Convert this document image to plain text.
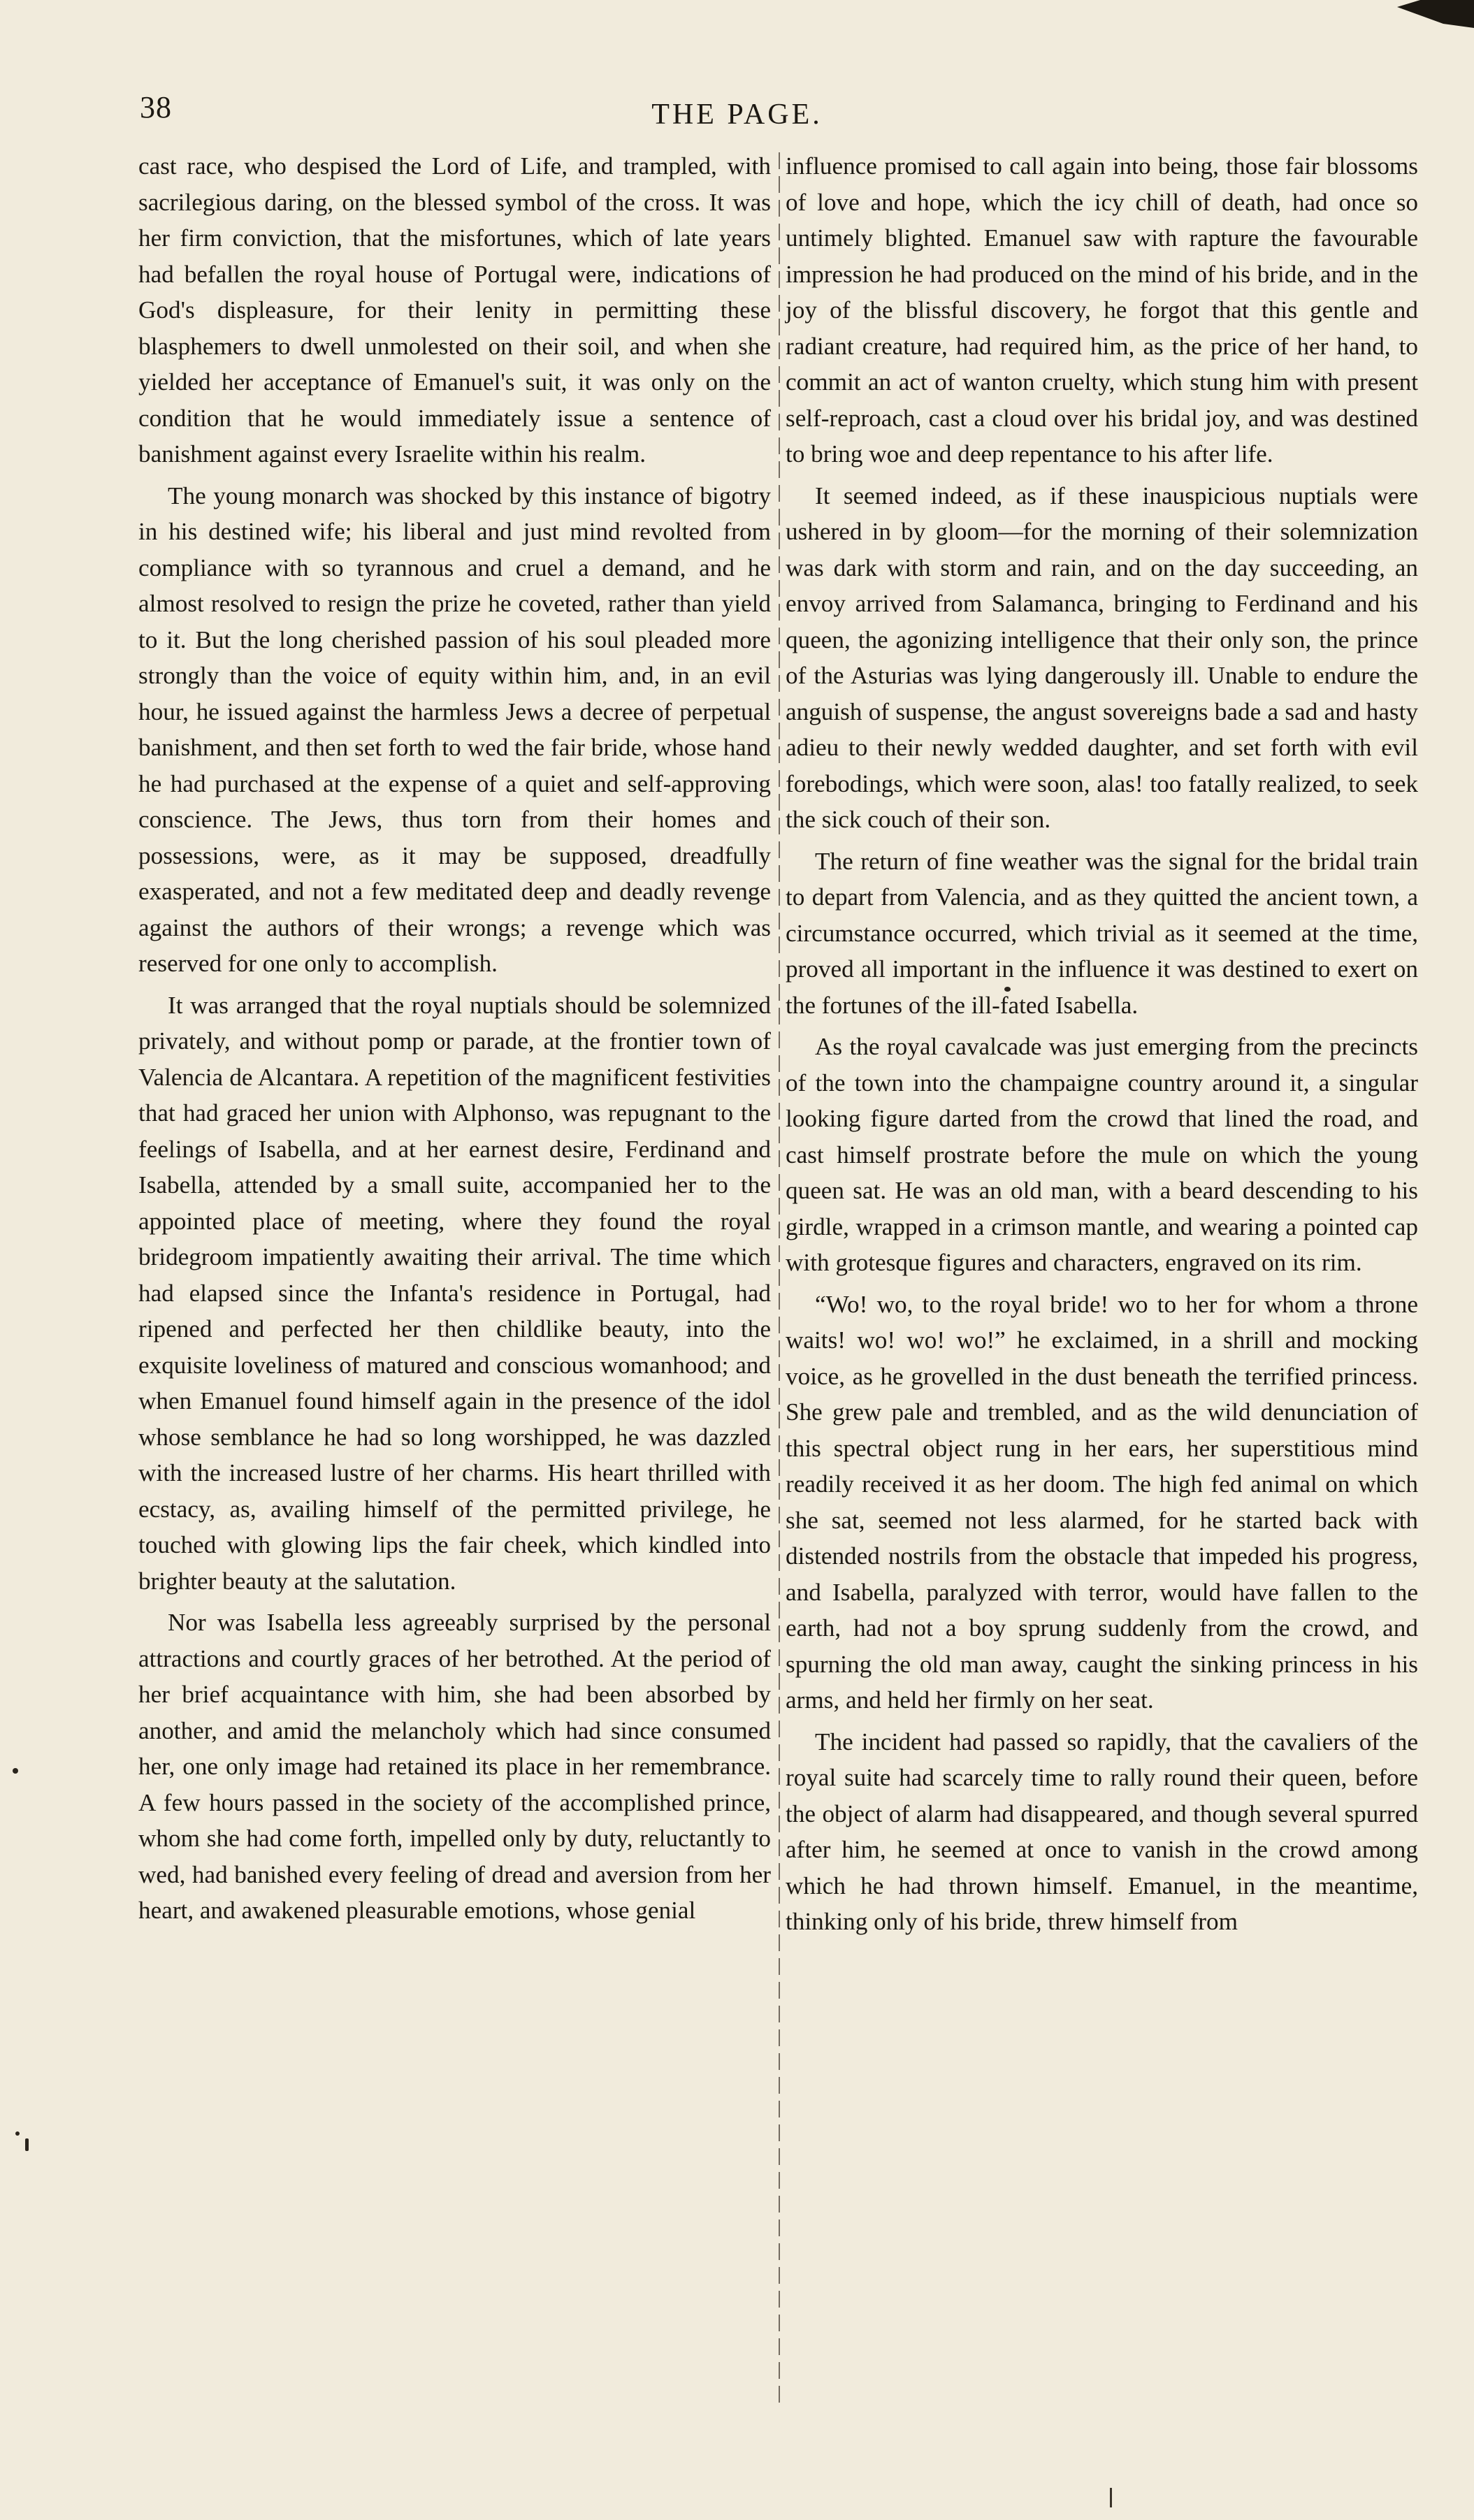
38	THE PAGE.

cast race, who despised the Lord of Life, and trampled, with sacrilegious daring, on the blessed symbol of the cross. It was her firm conviction, that the misfortunes, which of late years had befallen the royal house of Portugal were, indications of God's displeasure, for their lenity in permitting these blasphemers to dwell unmolested on their soil, and when she yielded her acceptance of Emanuel's suit, it was only on the condition that he would immediately issue a sentence of banishment against every Israelite within his realm.

The young monarch was shocked by this instance of bigotry in his destined wife; his liberal and just mind revolted from compliance with so tyrannous and cruel a demand, and he almost resolved to resign the prize he coveted, rather than yield to it. But the long cherished passion of his soul pleaded more strongly than the voice of equity within him, and, in an evil hour, he issued against the harmless Jews a decree of perpetual banishment, and then set forth to wed the fair bride, whose hand he had purchased at the expense of a quiet and self-approving conscience. The Jews, thus torn from their homes and possessions, were, as it may be supposed, dreadfully exasperated, and not a few meditated deep and deadly revenge against the authors of their wrongs; a revenge which was reserved for one only to accomplish.

It was arranged that the royal nuptials should be solemnized privately, and without pomp or parade, at the frontier town of Valencia de Alcantara. A repetition of the magnificent festivities that had graced her union with Alphonso, was repugnant to the feelings of Isabella, and at her earnest desire, Ferdinand and Isabella, attended by a small suite, accompanied her to the appointed place of meeting, where they found the royal bridegroom impatiently awaiting their arrival. The time which had elapsed since the Infanta's residence in Portugal, had ripened and perfected her then childlike beauty, into the exquisite loveliness of matured and conscious womanhood; and when Emanuel found himself again in the presence of the idol whose semblance he had so long worshipped, he was dazzled with the increased lustre of her charms. His heart thrilled with ecstacy, as, availing himself of the permitted privilege, he touched with glowing lips the fair cheek, which kindled into brighter beauty at the salutation.

Nor was Isabella less agreeably surprised by the personal attractions and courtly graces of her betrothed. At the period of her brief acquaintance with him, she had been absorbed by another, and amid the melancholy which had since consumed her, one only image had retained its place in her remembrance. A few hours passed in the society of the accomplished prince, whom she had come forth, impelled only by duty, reluctantly to wed, had banished every feeling of dread and aversion from her heart, and awakened pleasurable emotions, whose genial

influence promised to call again into being, those fair blossoms of love and hope, which the icy chill of death, had once so untimely blighted. Emanuel saw with rapture the favourable impression he had produced on the mind of his bride, and in the joy of the blissful discovery, he forgot that this gentle and radiant creature, had required him, as the price of her hand, to commit an act of wanton cruelty, which stung him with present self-reproach, cast a cloud over his bridal joy, and was destined to bring woe and deep repentance to his after life.

It seemed indeed, as if these inauspicious nuptials were ushered in by gloom—for the morning of their solemnization was dark with storm and rain, and on the day succeeding, an envoy arrived from Salamanca, bringing to Ferdinand and his queen, the agonizing intelligence that their only son, the prince of the Asturias was lying dangerously ill. Unable to endure the anguish of suspense, the angust sovereigns bade a sad and hasty adieu to their newly wedded daughter, and set forth with evil forebodings, which were soon, alas! too fatally realized, to seek the sick couch of their son.

The return of fine weather was the signal for the bridal train to depart from Valencia, and as they quitted the ancient town, a circumstance occurred, which trivial as it seemed at the time, proved all important in the influence it was destined to exert on the fortunes of the ill-fated Isabella.

As the royal cavalcade was just emerging from the precincts of the town into the champaigne country around it, a singular looking figure darted from the crowd that lined the road, and cast himself prostrate before the mule on which the young queen sat. He was an old man, with a beard descending to his girdle, wrapped in a crimson mantle, and wearing a pointed cap with grotesque figures and characters, engraved on its rim.

“Wo! wo, to the royal bride! wo to her for whom a throne waits! wo! wo! wo!” he exclaimed, in a shrill and mocking voice, as he grovelled in the dust beneath the terrified princess. She grew pale and trembled, and as the wild denunciation of this spectral object rung in her ears, her superstitious mind readily received it as her doom. The high fed animal on which she sat, seemed not less alarmed, for he started back with distended nostrils from the obstacle that impeded his progress, and Isabella, paralyzed with terror, would have fallen to the earth, had not a boy sprung suddenly from the crowd, and spurning the old man away, caught the sinking princess in his arms, and held her firmly on her seat.

The incident had passed so rapidly, that the cavaliers of the royal suite had scarcely time to rally round their queen, before the object of alarm had disappeared, and though several spurred after him, he seemed at once to vanish in the crowd among which he had thrown himself. Emanuel, in the meantime, thinking only of his bride, threw himself from
